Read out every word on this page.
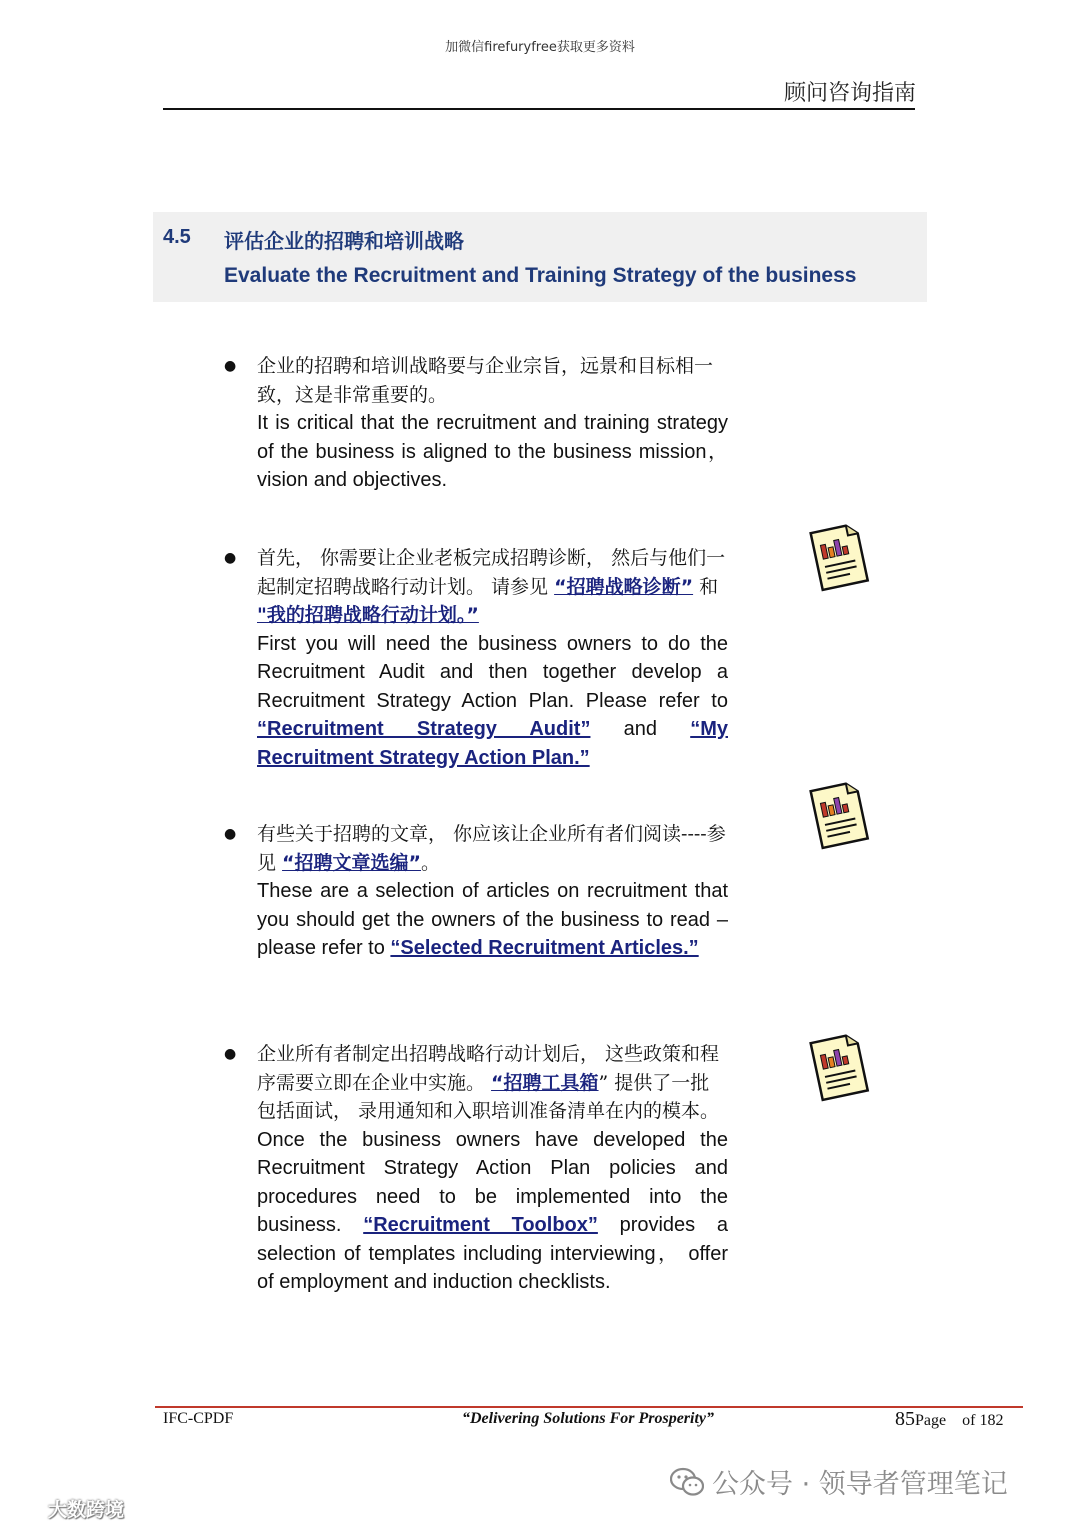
加微信firefuryfree获取更多资料
顾问咨询指南
4.5 评估企业的招聘和培训战略
Evaluate the Recruitment and Training Strategy of the business
● 企业的招聘和培训战略要与企业宗旨，远景和目标相一致，这是非常重要的。
It is critical that the recruitment and training strategy of the business is aligned to the business mission， vision and objectives.
● 首先， 你需要让企业老板完成招聘诊断， 然后与他们一起制定招聘战略行动计划。 请参见 “招聘战略诊断” 和 "我的招聘战略行动计划。”
First you will need the business owners to do the Recruitment Audit and then together develop a Recruitment Strategy Action Plan. Please refer to “Recruitment Strategy Audit” and “My Recruitment Strategy Action Plan.”
● 有些关于招聘的文章， 你应该让企业所有者们阅读----参见 “招聘文章选编”。
These are a selection of articles on recruitment that you should get the owners of the business to read – please refer to “Selected Recruitment Articles.”
● 企业所有者制定出招聘战略行动计划后， 这些政策和程序需要立即在企业中实施。 “招聘工具箱” 提供了一批包括面试， 录用通知和入职培训准备清单在内的模本。
Once the business owners have developed the Recruitment Strategy Action Plan policies and procedures need to be implemented into the business. “Recruitment Toolbox” provides a selection of templates including interviewing， offer of employment and induction checklists.
IFC-CPDF	“Delivering Solutions For Prosperity”	85Page of 182
公众号 · 领导者管理笔记
大数跨境
